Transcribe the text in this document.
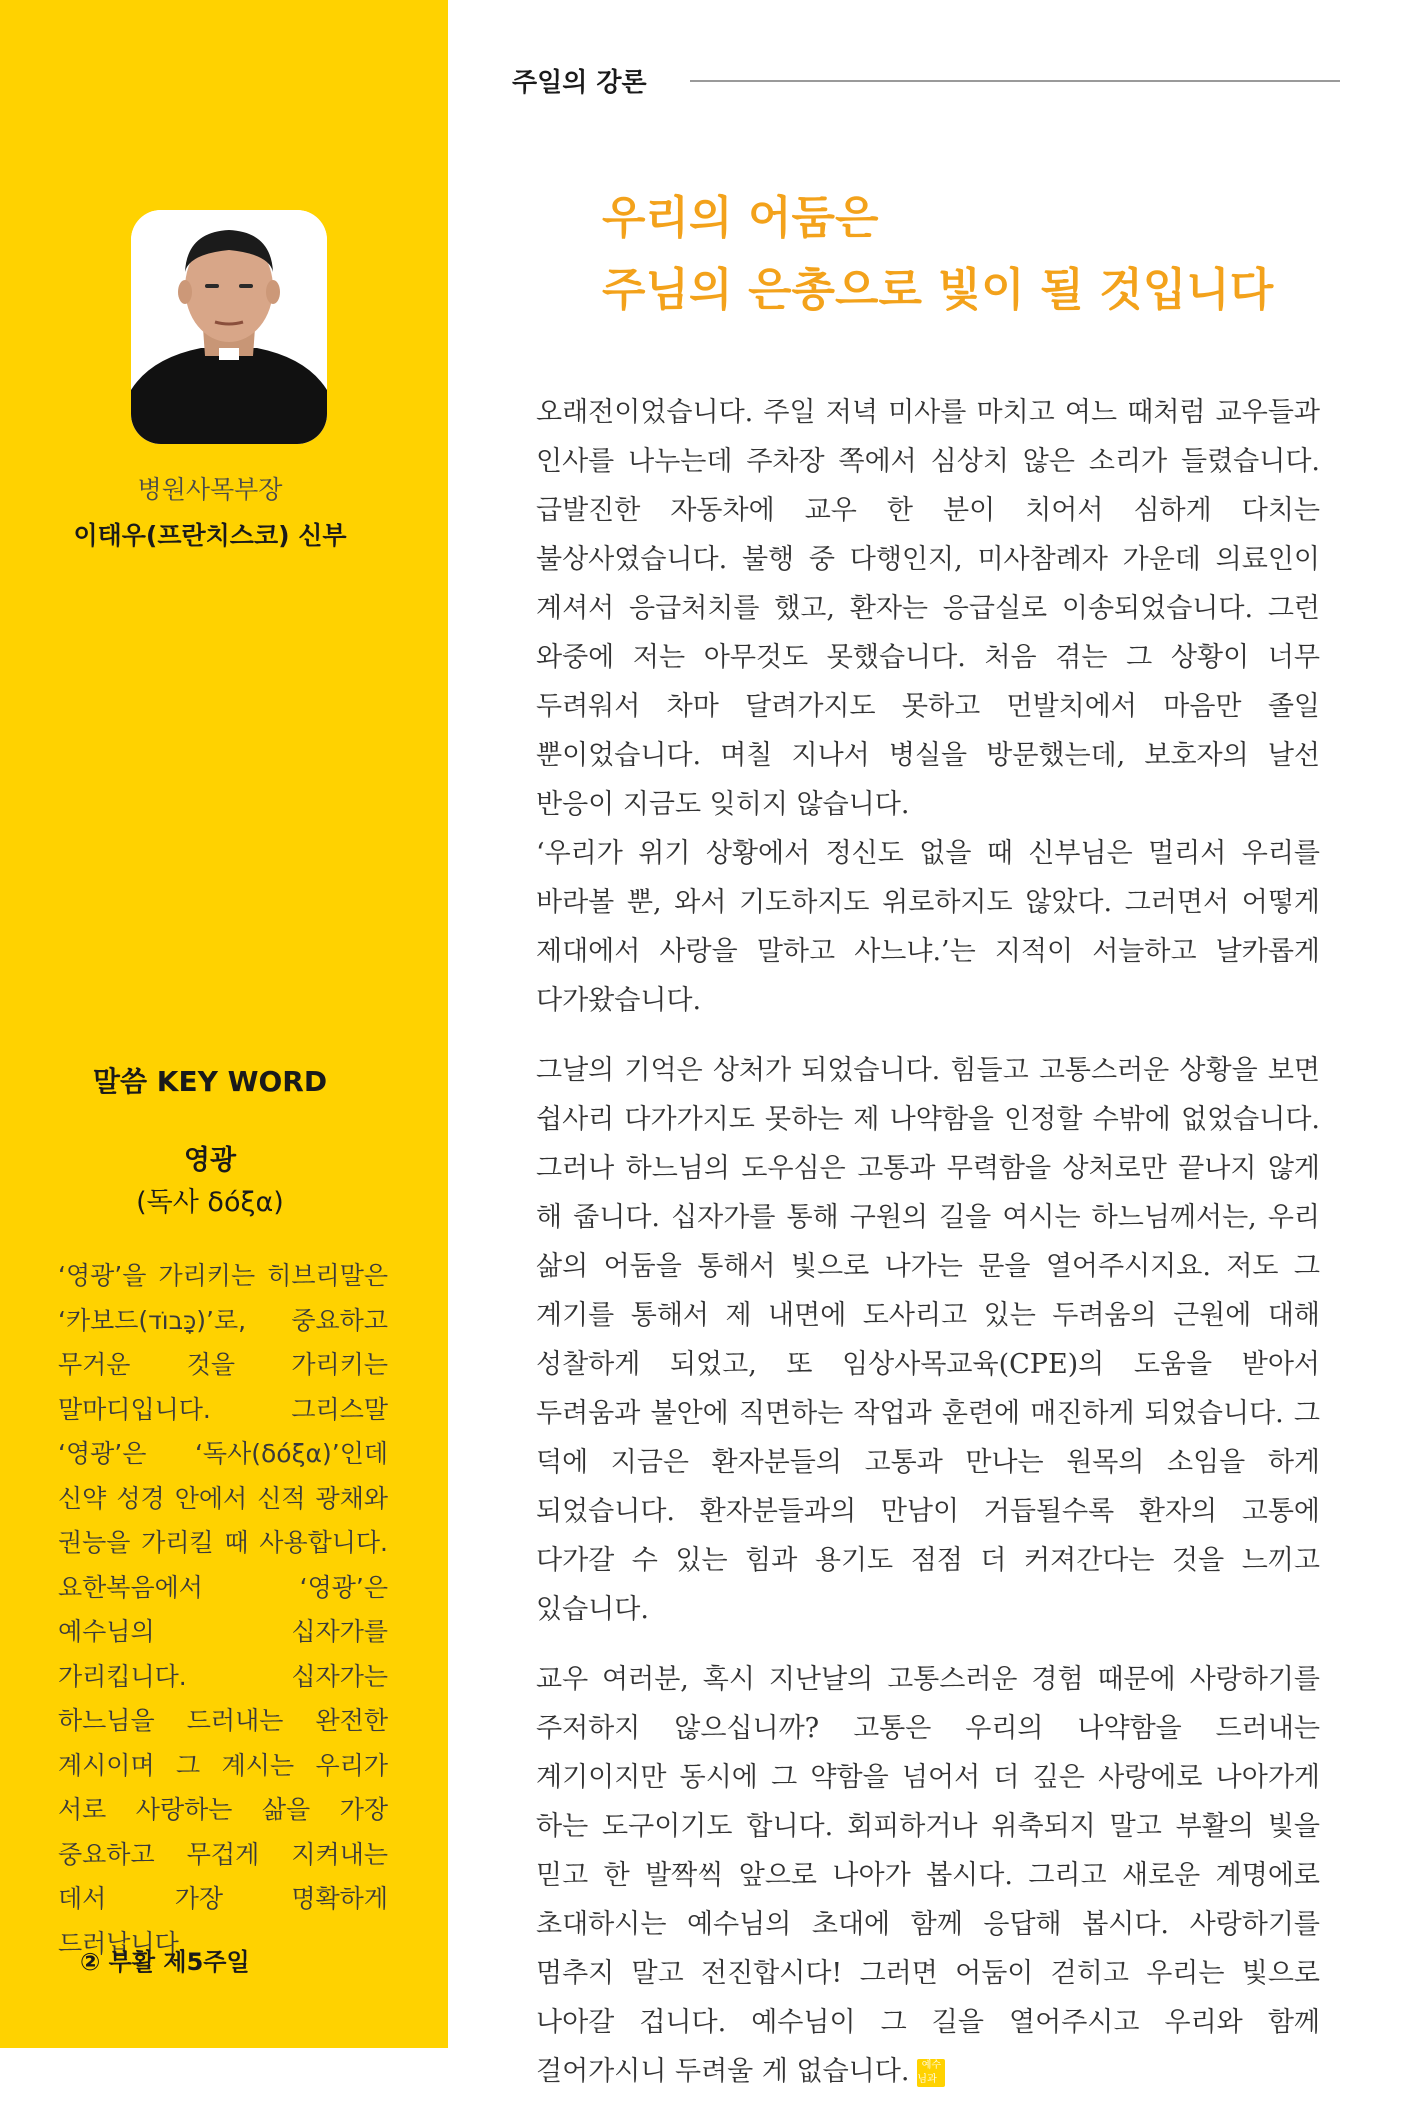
병원사목부장
이태우(프란치스코) 신부
말씀 KEY WORD
영광
(독사 δόξα)
‘영광’을 가리키는 히브리말은 ‘카보드(כָּבוֹד)’로, 중요하고 무거운 것을 가리키는 말마디입니다. 그리스말 ‘영광’은 ‘독사(δόξα)’인데 신약 성경 안에서 신적 광채와 권능을 가리킬 때 사용합니다. 요한복음에서 ‘영광’은 예수님의 십자가를 가리킵니다. 십자가는 하느님을 드러내는 완전한 계시이며 그 계시는 우리가 서로 사랑하는 삶을 가장 중요하고 무겁게 지켜내는 데서 가장 명확하게 드러납니다.
② 부활 제5주일
주일의 강론
우리의 어둠은
주님의 은총으로 빛이 될 것입니다

오래전이었습니다. 주일 저녁 미사를 마치고 여느 때처럼 교우들과 인사를 나누는데 주차장 쪽에서 심상치 않은 소리가 들렸습니다. 급발진한 자동차에 교우 한 분이 치어서 심하게 다치는 불상사였습니다. 불행 중 다행인지, 미사참례자 가운데 의료인이 계셔서 응급처치를 했고, 환자는 응급실로 이송되었습니다. 그런 와중에 저는 아무것도 못했습니다. 처음 겪는 그 상황이 너무 두려워서 차마 달려가지도 못하고 먼발치에서 마음만 졸일 뿐이었습니다. 며칠 지나서 병실을 방문했는데, 보호자의 날선 반응이 지금도 잊히지 않습니다.
‘우리가 위기 상황에서 정신도 없을 때 신부님은 멀리서 우리를 바라볼 뿐, 와서 기도하지도 위로하지도 않았다. 그러면서 어떻게 제대에서 사랑을 말하고 사느냐.’는 지적이 서늘하고 날카롭게 다가왔습니다.

그날의 기억은 상처가 되었습니다. 힘들고 고통스러운 상황을 보면 쉽사리 다가가지도 못하는 제 나약함을 인정할 수밖에 없었습니다. 그러나 하느님의 도우심은 고통과 무력함을 상처로만 끝나지 않게 해 줍니다. 십자가를 통해 구원의 길을 여시는 하느님께서는, 우리 삶의 어둠을 통해서 빛으로 나가는 문을 열어주시지요. 저도 그 계기를 통해서 제 내면에 도사리고 있는 두려움의 근원에 대해 성찰하게 되었고, 또 임상사목교육(CPE)의 도움을 받아서 두려움과 불안에 직면하는 작업과 훈련에 매진하게 되었습니다. 그 덕에 지금은 환자분들의 고통과 만나는 원목의 소임을 하게 되었습니다. 환자분들과의 만남이 거듭될수록 환자의 고통에 다가갈 수 있는 힘과 용기도 점점 더 커져간다는 것을 느끼고 있습니다.

교우 여러분, 혹시 지난날의 고통스러운 경험 때문에 사랑하기를 주저하지 않으십니까? 고통은 우리의 나약함을 드러내는 계기이지만 동시에 그 약함을 넘어서 더 깊은 사랑에로 나아가게 하는 도구이기도 합니다. 회피하거나 위축되지 말고 부활의 빛을 믿고 한 발짝씩 앞으로 나아가 봅시다. 그리고 새로운 계명에로 초대하시는 예수님의 초대에 함께 응답해 봅시다. 사랑하기를 멈추지 말고 전진합시다! 그러면 어둠이 걷히고 우리는 빛으로 나아갈 겁니다. 예수님이 그 길을 열어주시고 우리와 함께 걸어가시니 두려울 게 없습니다. 예수 님과
